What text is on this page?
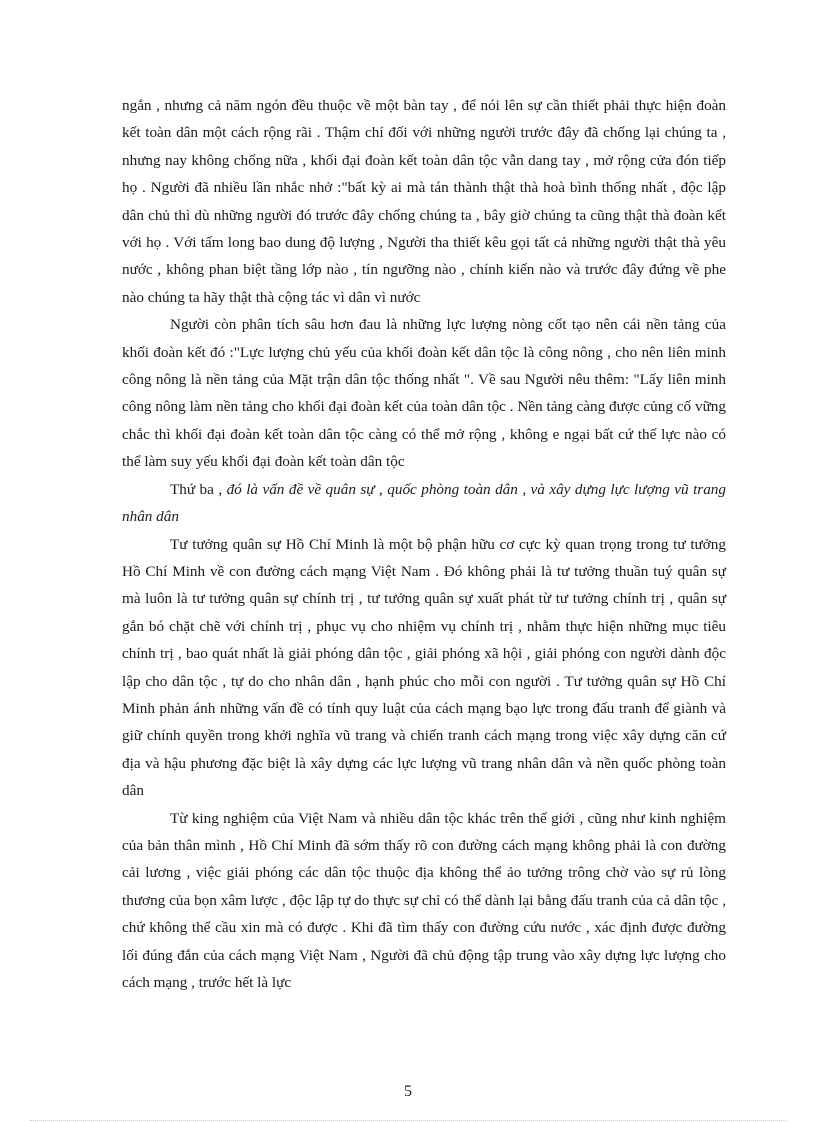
ngắn , nhưng cả năm ngón đều thuộc về một bàn tay , để nói lên sự cần thiết phải thực hiện đoàn kết toàn dân một cách rộng rãi . Thậm chí đối với những người trước đây đã chống lại chúng ta , nhưng nay không chống nữa , khối đại đoàn kết toàn dân tộc vẫn dang tay , mở rộng cửa đón tiếp họ . Người đã nhiều lần nhắc nhở :"bất kỳ ai mà tán thành thật thà hoà bình thống nhất , độc lập dân chủ thì dù những người đó trước đây chống chúng ta , bây giờ chúng ta cũng thật thà đoàn kết với họ . Với tấm long bao dung độ lượng , Người tha thiết kêu gọi tất cả những người thật thà yêu nước , không phan biệt tầng lớp nào , tín ngưỡng nào , chính kiến nào và trước đây đứng về phe nào chúng ta hãy thật thà cộng tác vì dân vì nước

Người còn phân tích sâu hơn đau là những lực lượng nòng cốt tạo nên cái nền tảng của khối đoàn kết đó :"Lực lượng chủ yếu của khối đoàn kết dân tộc là công nông , cho nên liên minh công nông là nền tảng của Mặt trận dân tộc thống nhất ". Về sau Người nêu thêm: "Lấy liên minh công nông làm nền tảng cho khối đại đoàn kết của toàn dân tộc . Nền tảng càng được củng cố vững chắc thì khối đại đoàn kết toàn dân tộc càng có thể mở rộng , không e ngại bất cứ thế lực nào có thể làm suy yếu khối đại đoàn kết toàn dân tộc

Thứ ba , đó là vấn đề về quân sự , quốc phòng toàn dân , và xây dựng lực lượng vũ trang nhân dân

Tư tưởng quân sự Hồ Chí Minh là một bộ phận hữu cơ cực kỳ quan trọng trong tư tưởng Hồ Chí Minh về con đường cách mạng Việt Nam . Đó không phải là tư tưởng thuần tuý quân sự mà luôn là tư tưởng quân sự chính trị , tư tưởng quân sự xuất phát từ tư tưởng chính trị , quân sự gắn bó chặt chẽ với chính trị , phục vụ cho nhiệm vụ chính trị , nhằm thực hiện những mục tiêu chính trị , bao quát nhất là giải phóng dân tộc , giải phóng xã hội , giải phóng con người dành độc lập cho dân tộc , tự do cho nhân dân , hạnh phúc cho mỗi con người . Tư tưởng quân sự Hồ Chí Minh phản ánh những vấn đề có tính quy luật của cách mạng bạo lực trong đấu tranh để giành và giữ chính quyền trong khởi nghĩa vũ trang và chiến tranh cách mạng trong việc xây dựng căn cứ địa và hậu phương đặc biệt là xây dựng các lực lượng vũ trang nhân dân và nền quốc phòng toàn dân

Từ king nghiệm của Việt Nam và nhiều dân tộc khác trên thế giới , cũng như kinh nghiệm của bản thân mình , Hồ Chí Minh đã sớm thấy rõ con đường cách mạng không phải là con đường cải lương , việc giải phóng các dân tộc thuộc địa không thể ảo tưởng trông chờ vào sự rủ lòng thương của bọn xâm lược , độc lập tự do thực sự chỉ có thể dành lại bằng đấu tranh của cả dân tộc , chứ không thể cầu xin mà có được . Khi đã tìm thấy con đường cứu nước , xác định được đường lối đúng đắn của cách mạng Việt Nam , Người đã chủ động tập trung vào xây dựng lực lượng cho cách mạng , trước hết là lực

5
